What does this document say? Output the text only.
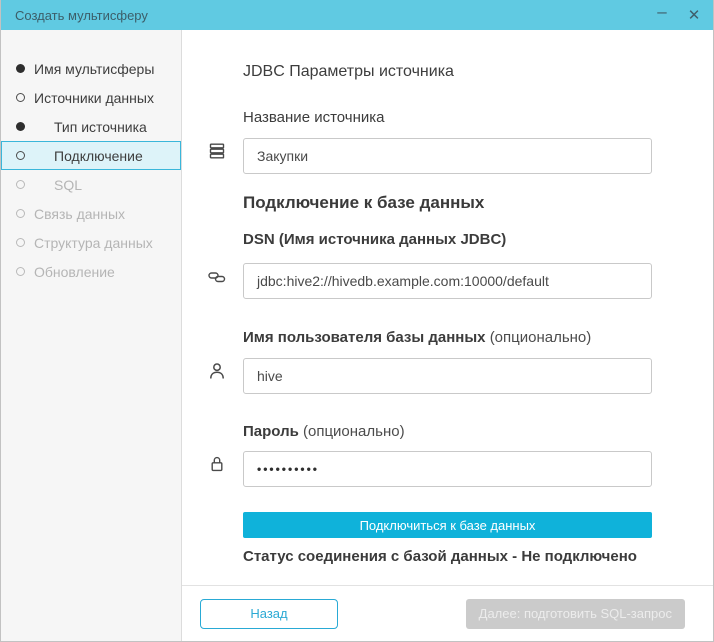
Создать мультисферу	–	✕
Имя мультисферы
Источники данных
Тип источника
Подключение
SQL
Связь данных
Структура данных
Обновление
JDBC Параметры источника
Название источника
Закупки
Подключение к базе данных
DSN (Имя источника данных JDBC)
jdbc:hive2://hivedb.example.com:10000/default
Имя пользователя базы данных (опционально)
hive
Пароль (опционально)
••••••••••
Подключиться к базе данных
Статус соединения с базой данных - Не подключено
Назад	Далее: подготовить SQL-запрос
